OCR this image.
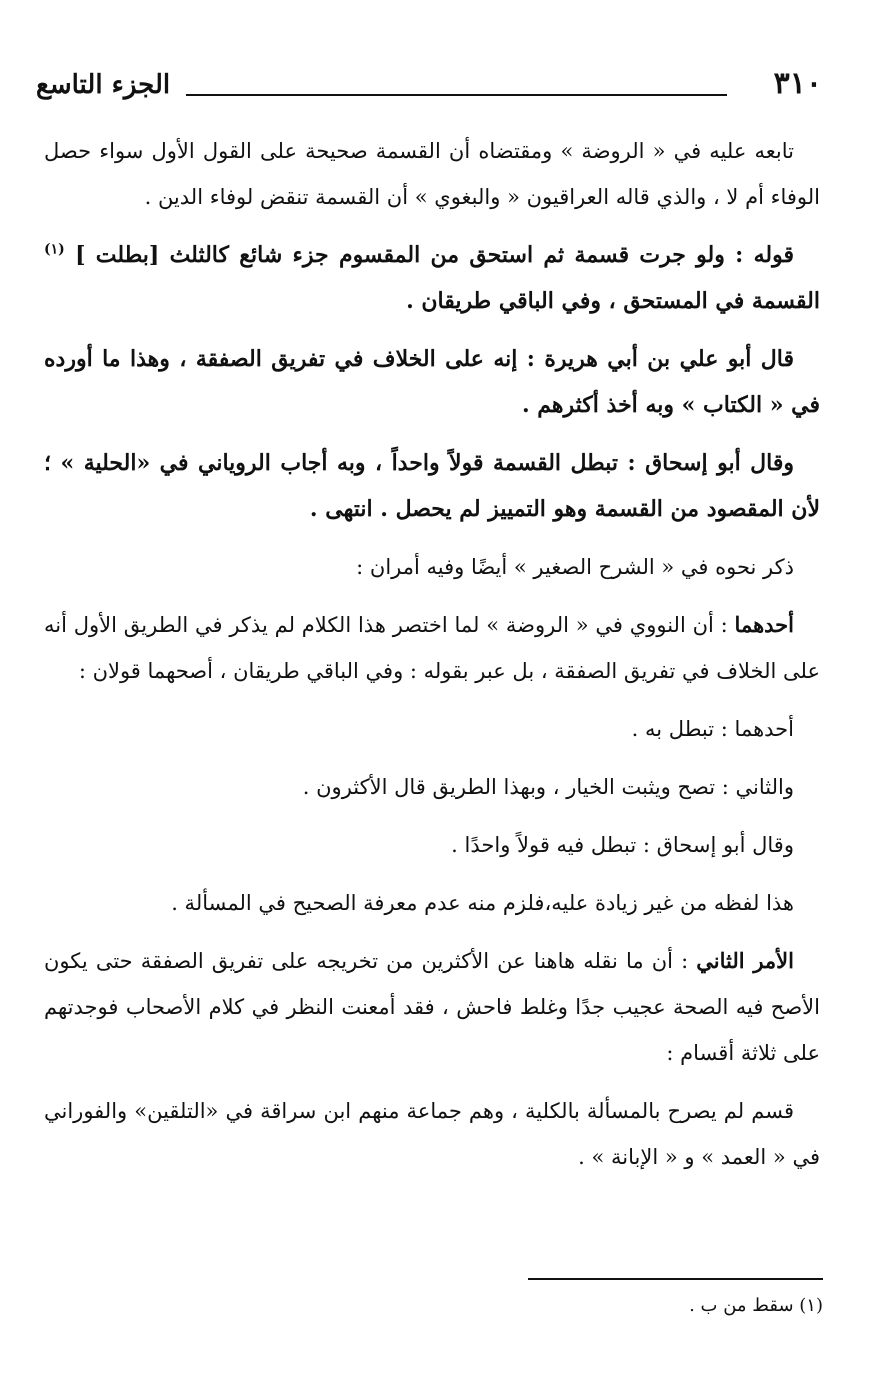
الجزء التاسع	٣١٠

تابعه عليه في « الروضة » ومقتضاه أن القسمة صحيحة على القول الأول سواء حصل الوفاء أم لا ، والذي قاله العراقيون « والبغوي » أن القسمة تنقض لوفاء الدين .

قوله : ولو جرت قسمة ثم استحق من المقسوم جزء شائع كالثلث [بطلت ] $^{(١)}$ القسمة في المستحق ، وفي الباقي طريقان .

قال أبو علي بن أبي هريرة : إنه على الخلاف في تفريق الصفقة ، وهذا ما أورده في « الكتاب » وبه أخذ أكثرهم .

وقال أبو إسحاق : تبطل القسمة قولاً واحداً ، وبه أجاب الروياني في «الحلية » ؛ لأن المقصود من القسمة وهو التمييز لم يحصل . انتهى .

ذكر نحوه في « الشرح الصغير » أيضًا وفيه أمران :

أحدهما : أن النووي في « الروضة » لما اختصر هذا الكلام لم يذكر في الطريق الأول أنه على الخلاف في تفريق الصفقة ، بل عبر بقوله : وفي الباقي طريقان ، أصحهما قولان :

أحدهما : تبطل به .

والثاني : تصح ويثبت الخيار ، وبهذا الطريق قال الأكثرون .

وقال أبو إسحاق : تبطل فيه قولاً واحدًا .

هذا لفظه من غير زيادة عليه،فلزم منه عدم معرفة الصحيح في المسألة .

الأمر الثاني : أن ما نقله هاهنا عن الأكثرين من تخريجه على تفريق الصفقة حتى يكون الأصح فيه الصحة عجيب جدًا وغلط فاحش ، فقد أمعنت النظر في كلام الأصحاب فوجدتهم على ثلاثة أقسام :

قسم لم يصرح بالمسألة بالكلية ، وهم جماعة منهم ابن سراقة في «التلقين» والفوراني في « العمد » و « الإبانة » .

(١) سقط من ب .
